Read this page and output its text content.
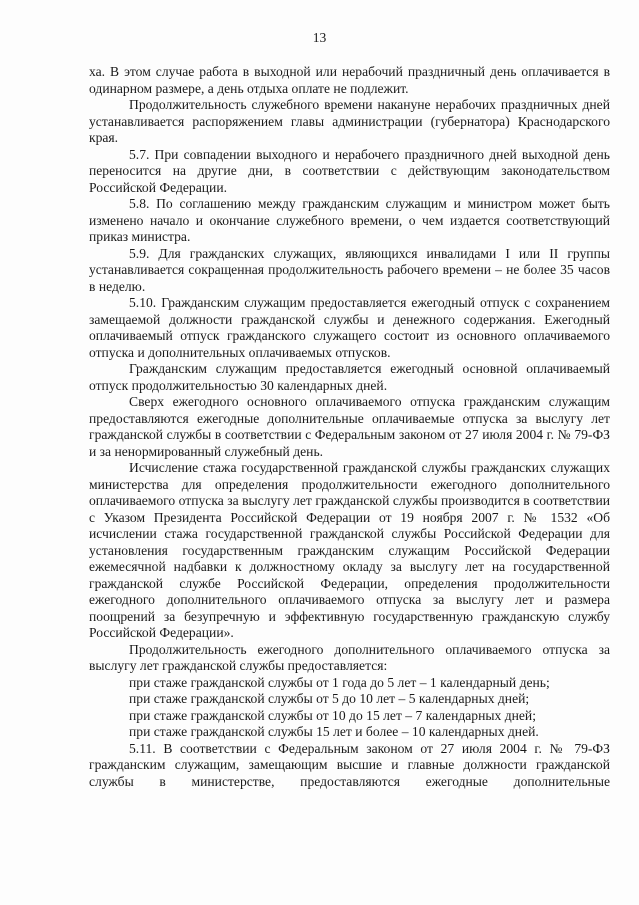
13

ха. В этом случае работа в выходной или нерабочий праздничный день оплачивается в одинарном размере, а день отдыха оплате не подлежит.

Продолжительность служебного времени накануне нерабочих праздничных дней устанавливается распоряжением главы администрации (губернатора) Краснодарского края.

5.7. При совпадении выходного и нерабочего праздничного дней выходной день переносится на другие дни, в соответствии с действующим законодательством Российской Федерации.

5.8. По соглашению между гражданским служащим и министром может быть изменено начало и окончание служебного времени, о чем издается соответствующий приказ министра.

5.9. Для гражданских служащих, являющихся инвалидами I или II группы устанавливается сокращенная продолжительность рабочего времени – не более 35 часов в неделю.

5.10. Гражданским служащим предоставляется ежегодный отпуск с сохранением замещаемой должности гражданской службы и денежного содержания. Ежегодный оплачиваемый отпуск гражданского служащего состоит из основного оплачиваемого отпуска и дополнительных оплачиваемых отпусков.

Гражданским служащим предоставляется ежегодный основной оплачиваемый отпуск продолжительностью 30 календарных дней.

Сверх ежегодного основного оплачиваемого отпуска гражданским служащим предоставляются ежегодные дополнительные оплачиваемые отпуска за выслугу лет гражданской службы в соответствии с Федеральным законом от 27 июля 2004 г. № 79-ФЗ и за ненормированный служебный день.

Исчисление стажа государственной гражданской службы гражданских служащих министерства для определения продолжительности ежегодного дополнительного оплачиваемого отпуска за выслугу лет гражданской службы производится в соответствии с Указом Президента Российской Федерации от 19 ноября 2007 г. № 1532 «Об исчислении стажа государственной гражданской службы Российской Федерации для установления государственным гражданским служащим Российской Федерации ежемесячной надбавки к должностному окладу за выслугу лет на государственной гражданской службе Российской Федерации, определения продолжительности ежегодного дополнительного оплачиваемого отпуска за выслугу лет и размера поощрений за безупречную и эффективную государственную гражданскую службу Российской Федерации».

Продолжительность ежегодного дополнительного оплачиваемого отпуска за выслугу лет гражданской службы предоставляется:

при стаже гражданской службы от 1 года до 5 лет – 1 календарный день;

при стаже гражданской службы от 5 до 10 лет – 5 календарных дней;

при стаже гражданской службы от 10 до 15 лет – 7 календарных дней;

при стаже гражданской службы 15 лет и более – 10 календарных дней.

5.11. В соответствии с Федеральным законом от 27 июля 2004 г. № 79-ФЗ гражданским служащим, замещающим высшие и главные должности гражданской службы в министерстве, предоставляются ежегодные дополнительные
